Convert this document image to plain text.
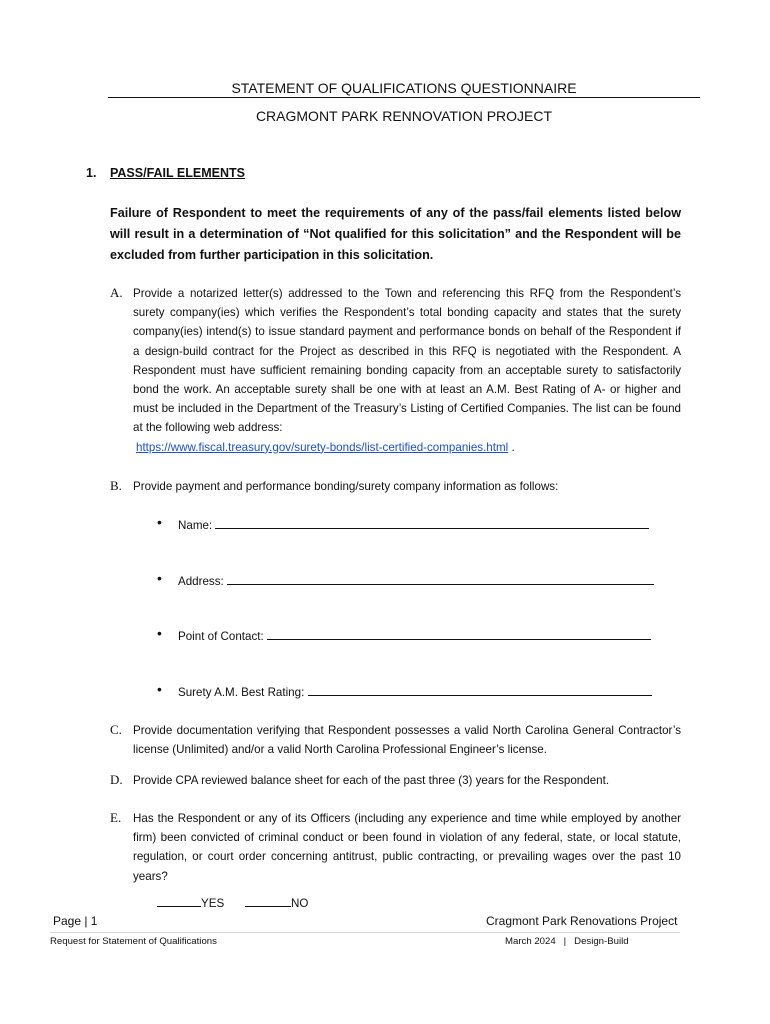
STATEMENT OF QUALIFICATIONS QUESTIONNAIRE
CRAGMONT PARK RENNOVATION PROJECT
1. PASS/FAIL ELEMENTS
Failure of Respondent to meet the requirements of any of the pass/fail elements listed below will result in a determination of “Not qualified for this solicitation” and the Respondent will be excluded from further participation in this solicitation.
A. Provide a notarized letter(s) addressed to the Town and referencing this RFQ from the Respondent’s surety company(ies) which verifies the Respondent’s total bonding capacity and states that the surety company(ies) intend(s) to issue standard payment and performance bonds on behalf of the Respondent if a design-build contract for the Project as described in this RFQ is negotiated with the Respondent. A Respondent must have sufficient remaining bonding capacity from an acceptable surety to satisfactorily bond the work. An acceptable surety shall be one with at least an A.M. Best Rating of A- or higher and must be included in the Department of the Treasury’s Listing of Certified Companies. The list can be found at the following web address:
https://www.fiscal.treasury.gov/surety-bonds/list-certified-companies.html .
B. Provide payment and performance bonding/surety company information as follows:
• Name:
• Address:
• Point of Contact:
• Surety A.M. Best Rating:
C. Provide documentation verifying that Respondent possesses a valid North Carolina General Contractor’s license (Unlimited) and/or a valid North Carolina Professional Engineer’s license.
D. Provide CPA reviewed balance sheet for each of the past three (3) years for the Respondent.
E. Has the Respondent or any of its Officers (including any experience and time while employed by another firm) been convicted of criminal conduct or been found in violation of any federal, state, or local statute, regulation, or court order concerning antitrust, public contracting, or prevailing wages over the past 10 years?
YES	NO
Page | 1	Cragmont Park Renovations Project
Request for Statement of Qualifications	March 2024   |   Design-Build
